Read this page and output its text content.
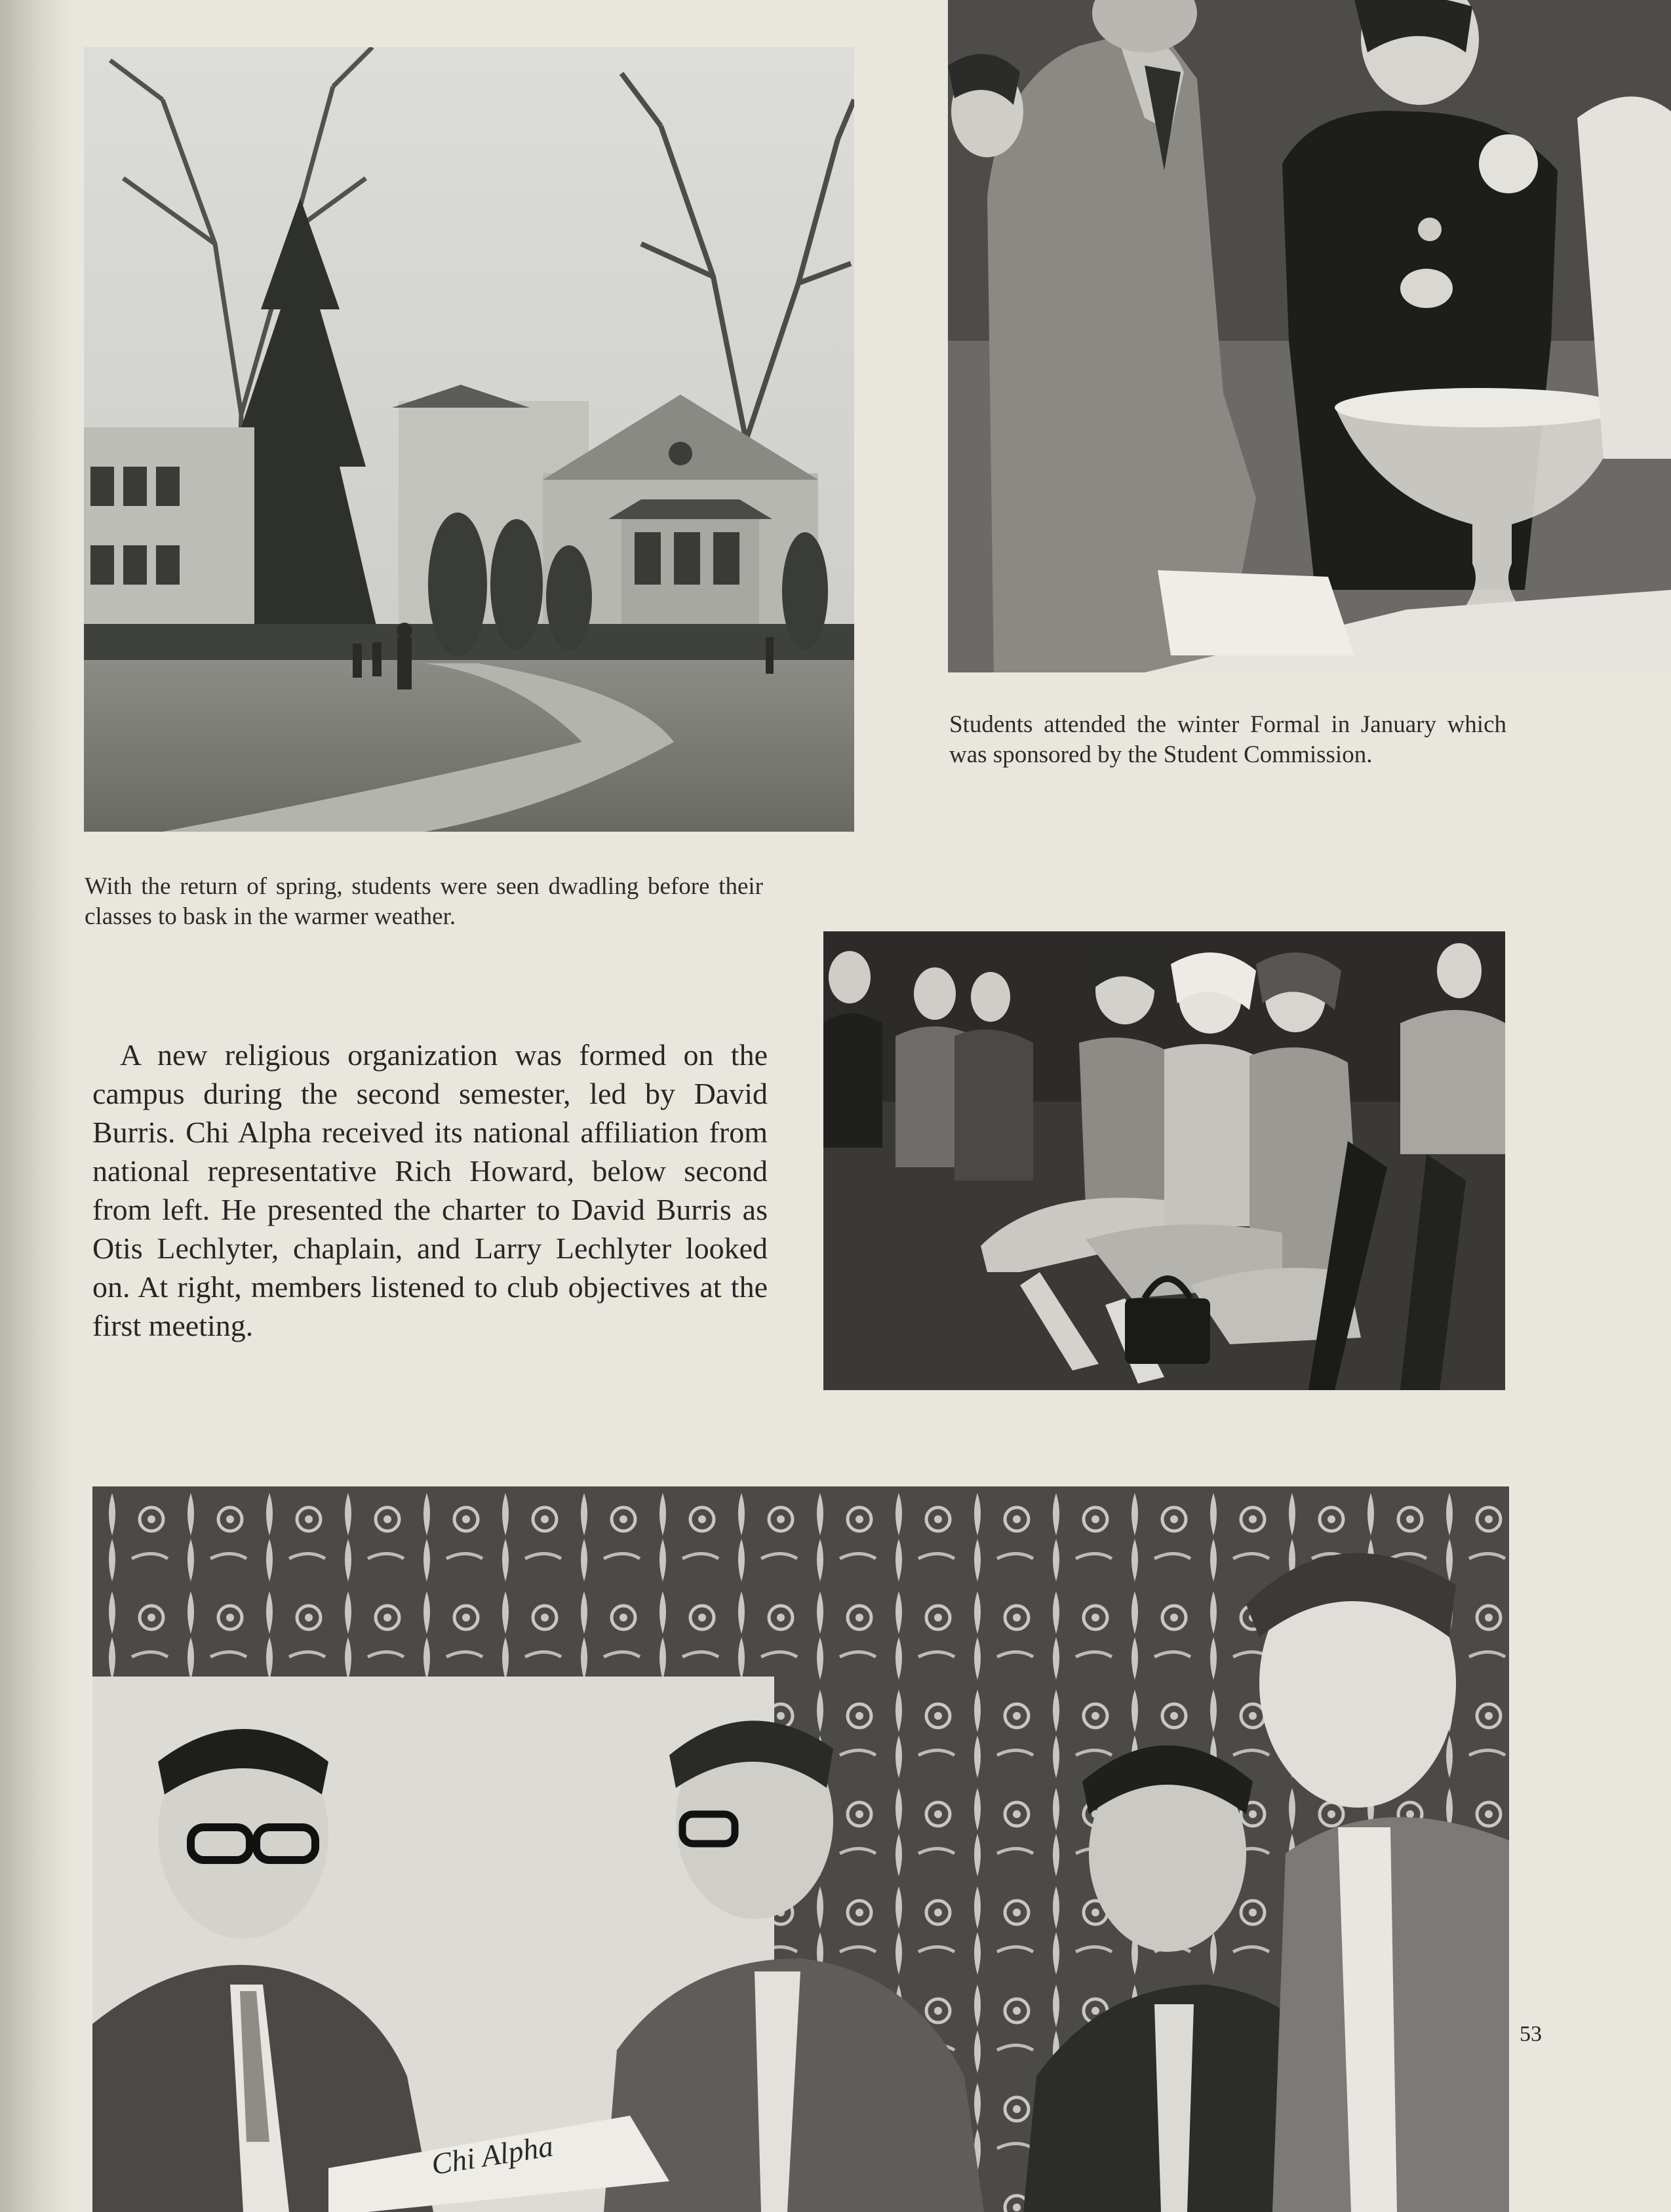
Chi Alpha
Students attended the winter Formal in January which was sponsored by the Student Commission.
With the return of spring, students were seen dwadling before their classes to bask in the warmer weather.

A new religious organization was formed on the campus during the second semester, led by David Burris. Chi Alpha received its national affiliation from national representative Rich Howard, below second from left. He presented the charter to David Burris as Otis Lechlyter, chaplain, and Larry Lechlyter looked on. At right, members listened to club objectives at the first meeting.

53
